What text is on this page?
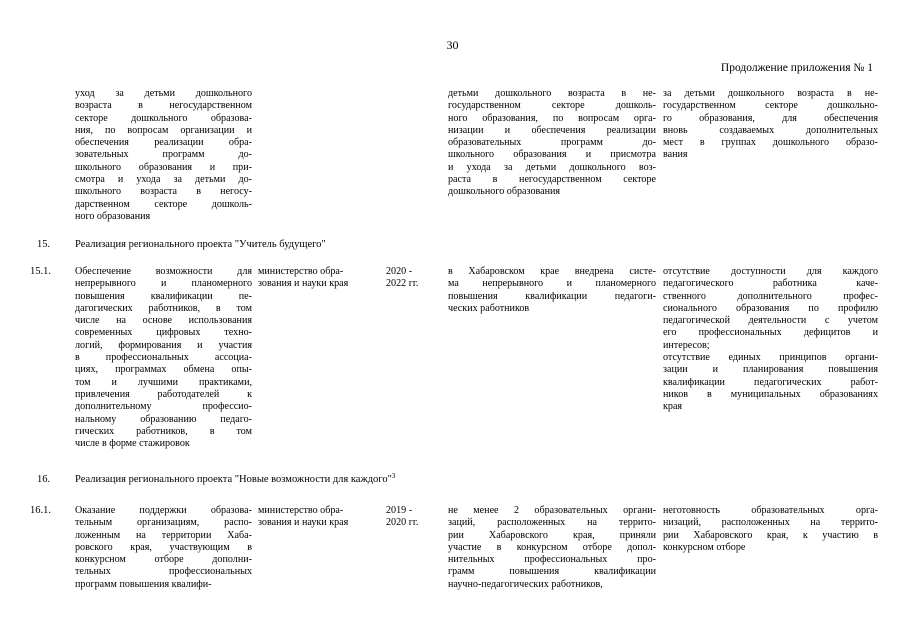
30
Продолжение приложения № 1
уход за детьми дошкольного
возраста в негосударственном
секторе дошкольного образова-
ния, по вопросам организации и
обеспечения реализации обра-
зовательных программ до-
школьного образования и при-
смотра и ухода за детьми до-
школьного возраста в негосу-
дарственном секторе дошколь-
ного образования
детьми дошкольного возраста в не-
государственном секторе дошколь-
ного образования, по вопросам орга-
низации и обеспечения реализации
образовательных программ до-
школьного образования и присмотра
и ухода за детьми дошкольного воз-
раста в негосударственном секторе
дошкольного образования
за детьми дошкольного возраста в не-
государственном секторе дошкольно-
го образования, для обеспечения
вновь создаваемых дополнительных
мест в группах дошкольного образо-
вания
15. Реализация регионального проекта "Учитель будущего"
15.1. Обеспечение возможности для
непрерывного и планомерного
повышения квалификации пе-
дагогических работников, в том
числе на основе использования
современных цифровых техно-
логий, формирования и участия
в профессиональных ассоциа-
циях, программах обмена опы-
том и лучшими практиками,
привлечения работодателей к
дополнительному профессио-
нальному образованию педаго-
гических работников, в том
числе в форме стажировок
министерство обра-
зования и науки края
2020 -
2022 гг.
в Хабаровском крае внедрена систе-
ма непрерывного и планомерного
повышения квалификации педагоги-
ческих работников
отсутствие доступности для каждого
педагогического работника каче-
ственного дополнительного профес-
сионального образования по профилю
педагогической деятельности с учетом
его профессиональных дефицитов и
интересов;
отсутствие единых принципов органи-
зации и планирования повышения
квалификации педагогических работ-
ников в муниципальных образованиях
края
16. Реализация регионального проекта "Новые возможности для каждого"$^3$
16.1. Оказание поддержки образова-
тельным организациям, распо-
ложенным на территории Хаба-
ровского края, участвующим в
конкурсном отборе дополни-
тельных профессиональных
программ повышения квалифи-
министерство обра-
зования и науки края
2019 -
2020 гг.
не менее 2 образовательных органи-
заций, расположенных на террито-
рии Хабаровского края, приняли
участие в конкурсном отборе допол-
нительных профессиональных про-
грамм повышения квалификации
научно-педагогических работников,
неготовность образовательных орга-
низаций, расположенных на террито-
рии Хабаровского края, к участию в
конкурсном отборе
